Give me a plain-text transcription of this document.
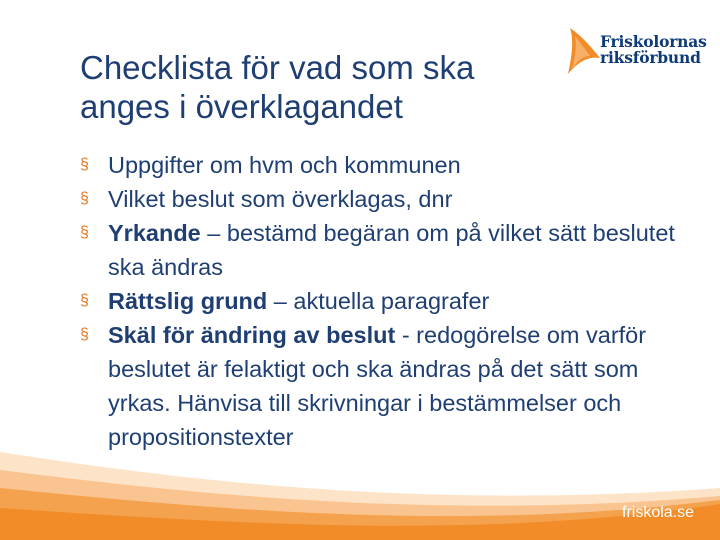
Friskolornas
riksförbund
Checklista för vad som ska
anges i överklagandet
§ Uppgifter om hvm och kommunen
§ Vilket beslut som överklagas, dnr
§ Yrkande – bestämd begäran om på vilket sätt beslutet ska ändras
§ Rättslig grund – aktuella paragrafer
§ Skäl för ändring av beslut - redogörelse om varför beslutet är felaktigt och ska ändras på det sätt som yrkas. Hänvisa till skrivningar i bestämmelser och propositionstexter
friskola.se
